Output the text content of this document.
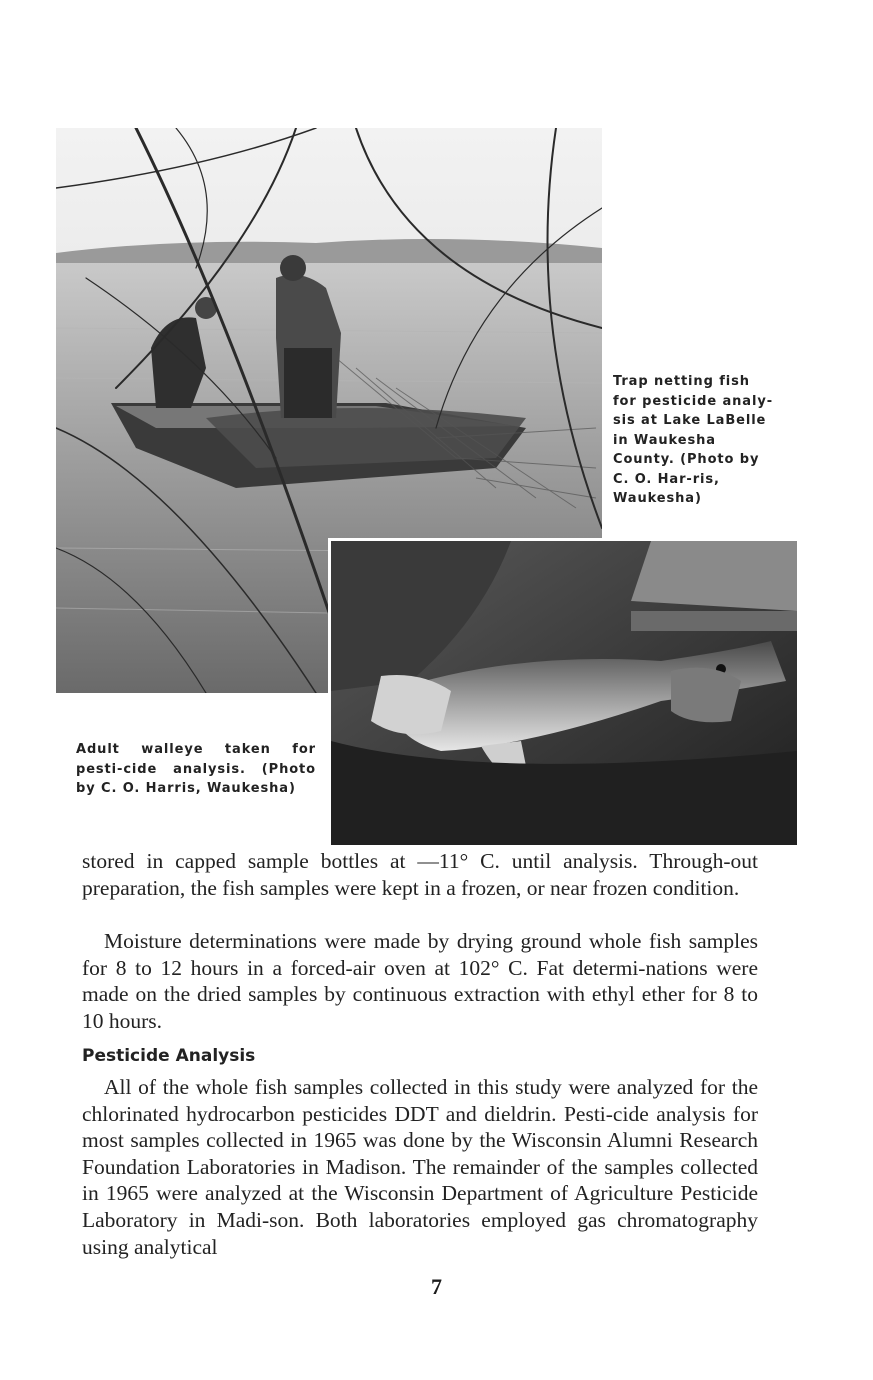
Trap netting fish for pesticide analy-sis at Lake LaBelle in Waukesha County. (Photo by C. O. Har-ris, Waukesha)
Adult walleye taken for pesti-cide analysis. (Photo by C. O. Harris, Waukesha)

stored in capped sample bottles at —11° C. until analysis. Through-out preparation, the fish samples were kept in a frozen, or near frozen condition.

Moisture determinations were made by drying ground whole fish samples for 8 to 12 hours in a forced-air oven at 102° C. Fat determi-nations were made on the dried samples by continuous extraction with ethyl ether for 8 to 10 hours.

Pesticide Analysis

All of the whole fish samples collected in this study were analyzed for the chlorinated hydrocarbon pesticides DDT and dieldrin. Pesti-cide analysis for most samples collected in 1965 was done by the Wisconsin Alumni Research Foundation Laboratories in Madison. The remainder of the samples collected in 1965 were analyzed at the Wisconsin Department of Agriculture Pesticide Laboratory in Madi-son. Both laboratories employed gas chromatography using analytical

7
